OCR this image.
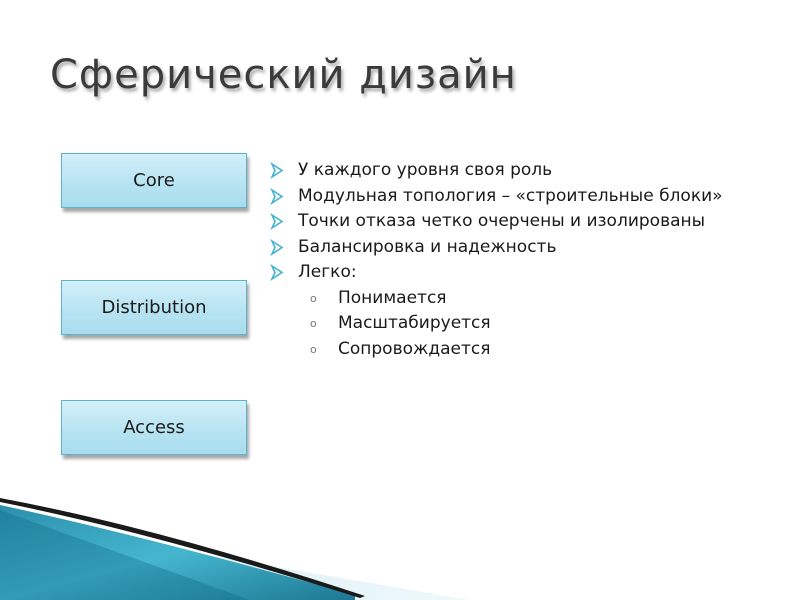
Сферический дизайн
Core
Distribution
Access
У каждого уровня своя роль
Модульная топология – «строительные блоки»
Точки отказа четко очерчены и изолированы
Балансировка и надежность
Легко:
o Понимается
o Масштабируется
o Сопровождается
